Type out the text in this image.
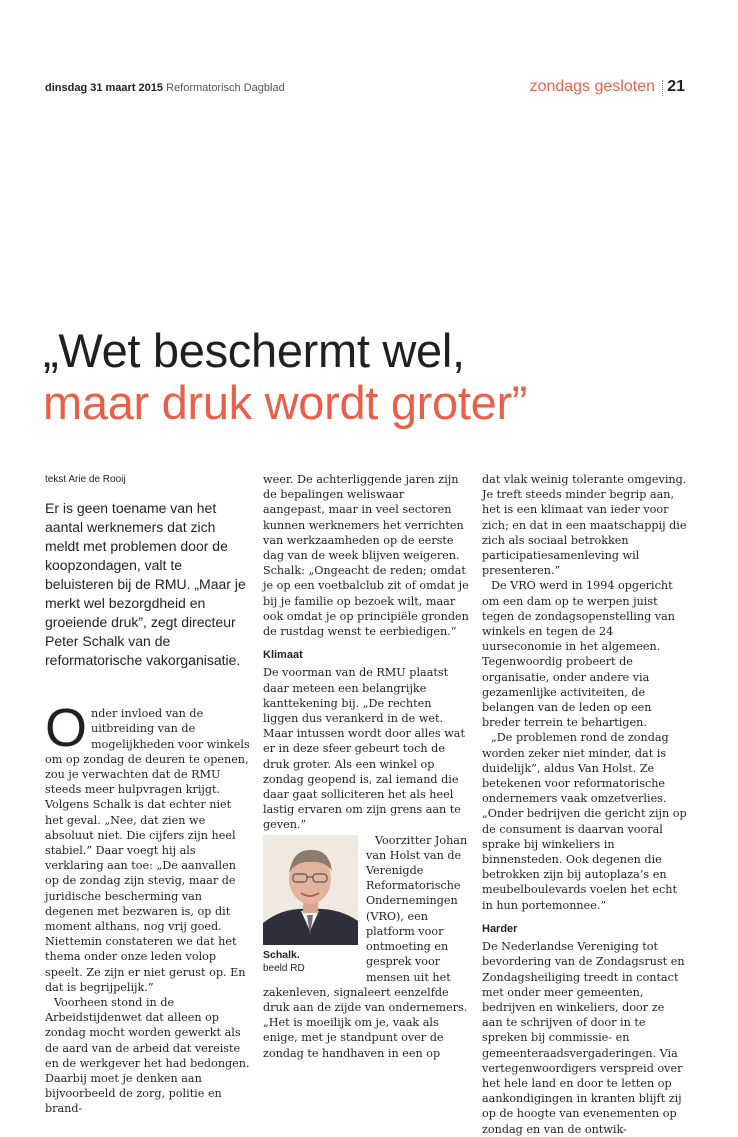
dinsdag 31 maart 2015 Reformatorisch Dagblad	zondags gesloten 21
„Wet beschermt wel,
maar druk wordt groter”

tekst Arie de Rooij

Er is geen toename van het aantal werknemers dat zich meldt met problemen door de koopzondagen, valt te beluisteren bij de RMU. „Maar je merkt wel bezorgdheid en groeiende druk”, zegt directeur Peter Schalk van de reformatorische vakorganisatie.

Onder invloed van de uitbreiding van de mogelijkheden voor winkels om op zondag de deuren te openen, zou je verwachten dat de RMU steeds meer hulpvragen krijgt. Volgens Schalk is dat echter niet het geval. „Nee, dat zien we absoluut niet. Die cijfers zijn heel stabiel.” Daar voegt hij als verklaring aan toe: „De aanvallen op de zondag zijn stevig, maar de juridische bescherming van degenen met bezwaren is, op dit moment althans, nog vrij goed. Niettemin constateren we dat het thema onder onze leden volop speelt. Ze zijn er niet gerust op. En dat is begrijpelijk.”

Voorheen stond in de Arbeidstijdenwet dat alleen op zondag mocht worden gewerkt als de aard van de arbeid dat vereiste en de werkgever het had bedongen. Daarbij moet je denken aan bijvoorbeeld de zorg, politie en brand-

weer. De achterliggende jaren zijn de bepalingen weliswaar aangepast, maar in veel sectoren kunnen werknemers het verrichten van werkzaamheden op de eerste dag van de week blijven weigeren. Schalk: „Ongeacht de reden; omdat je op een voetbalclub zit of omdat je bij je familie op bezoek wilt, maar ook omdat je op principiële gronden de rustdag wenst te eerbiedigen.“

Klimaat

De voorman van de RMU plaatst daar meteen een belangrijke kanttekening bij. „De rechten liggen dus verankerd in de wet. Maar intussen wordt door alles wat er in deze sfeer gebeurt toch de druk groter. Als een winkel op zondag geopend is, zal iemand die daar gaat solliciteren het als heel lastig ervaren om zijn grens aan te geven.”

Schalk.
beeld RD

Voorzitter Johan van Holst van de Verenigde Reformatorische Ondernemingen (VRO), een platform voor ontmoeting en gesprek voor mensen uit het zakenleven, signaleert eenzelfde druk aan de zijde van ondernemers. „Het is moeilijk om je, vaak als enige, met je standpunt over de zondag te handhaven in een op

dat vlak weinig tolerante omgeving. Je treft steeds minder begrip aan, het is een klimaat van ieder voor zich; en dat in een maatschappij die zich als sociaal betrokken participatiesamenleving wil presenteren.”

De VRO werd in 1994 opgericht om een dam op te werpen juist tegen de zondagsopenstelling van winkels en tegen de 24 uurseconomie in het algemeen. Tegenwoordig probeert de organisatie, onder andere via gezamenlijke activiteiten, de belangen van de leden op een breder terrein te behartigen.

„De problemen rond de zondag worden zeker niet minder, dat is duidelijk”, aldus Van Holst. Ze betekenen voor reformatorische ondernemers vaak omzetverlies. „Onder bedrijven die gericht zijn op de consument is daarvan vooral sprake bij winkeliers in binnensteden. Ook degenen die betrokken zijn bij autoplaza’s en meubelboulevards voelen het echt in hun portemonnee.”

Harder

De Nederlandse Vereniging tot bevordering van de Zondagsrust en Zondagsheiliging treedt in contact met onder meer gemeenten, bedrijven en winkeliers, door ze aan te schrijven of door in te spreken bij commissie- en gemeenteraadsvergaderingen. Via vertegenwoordigers verspreid over het hele land en door te letten op aankondigingen in kranten blijft zij op de hoogte van evenementen op zondag en van de ontwik-
